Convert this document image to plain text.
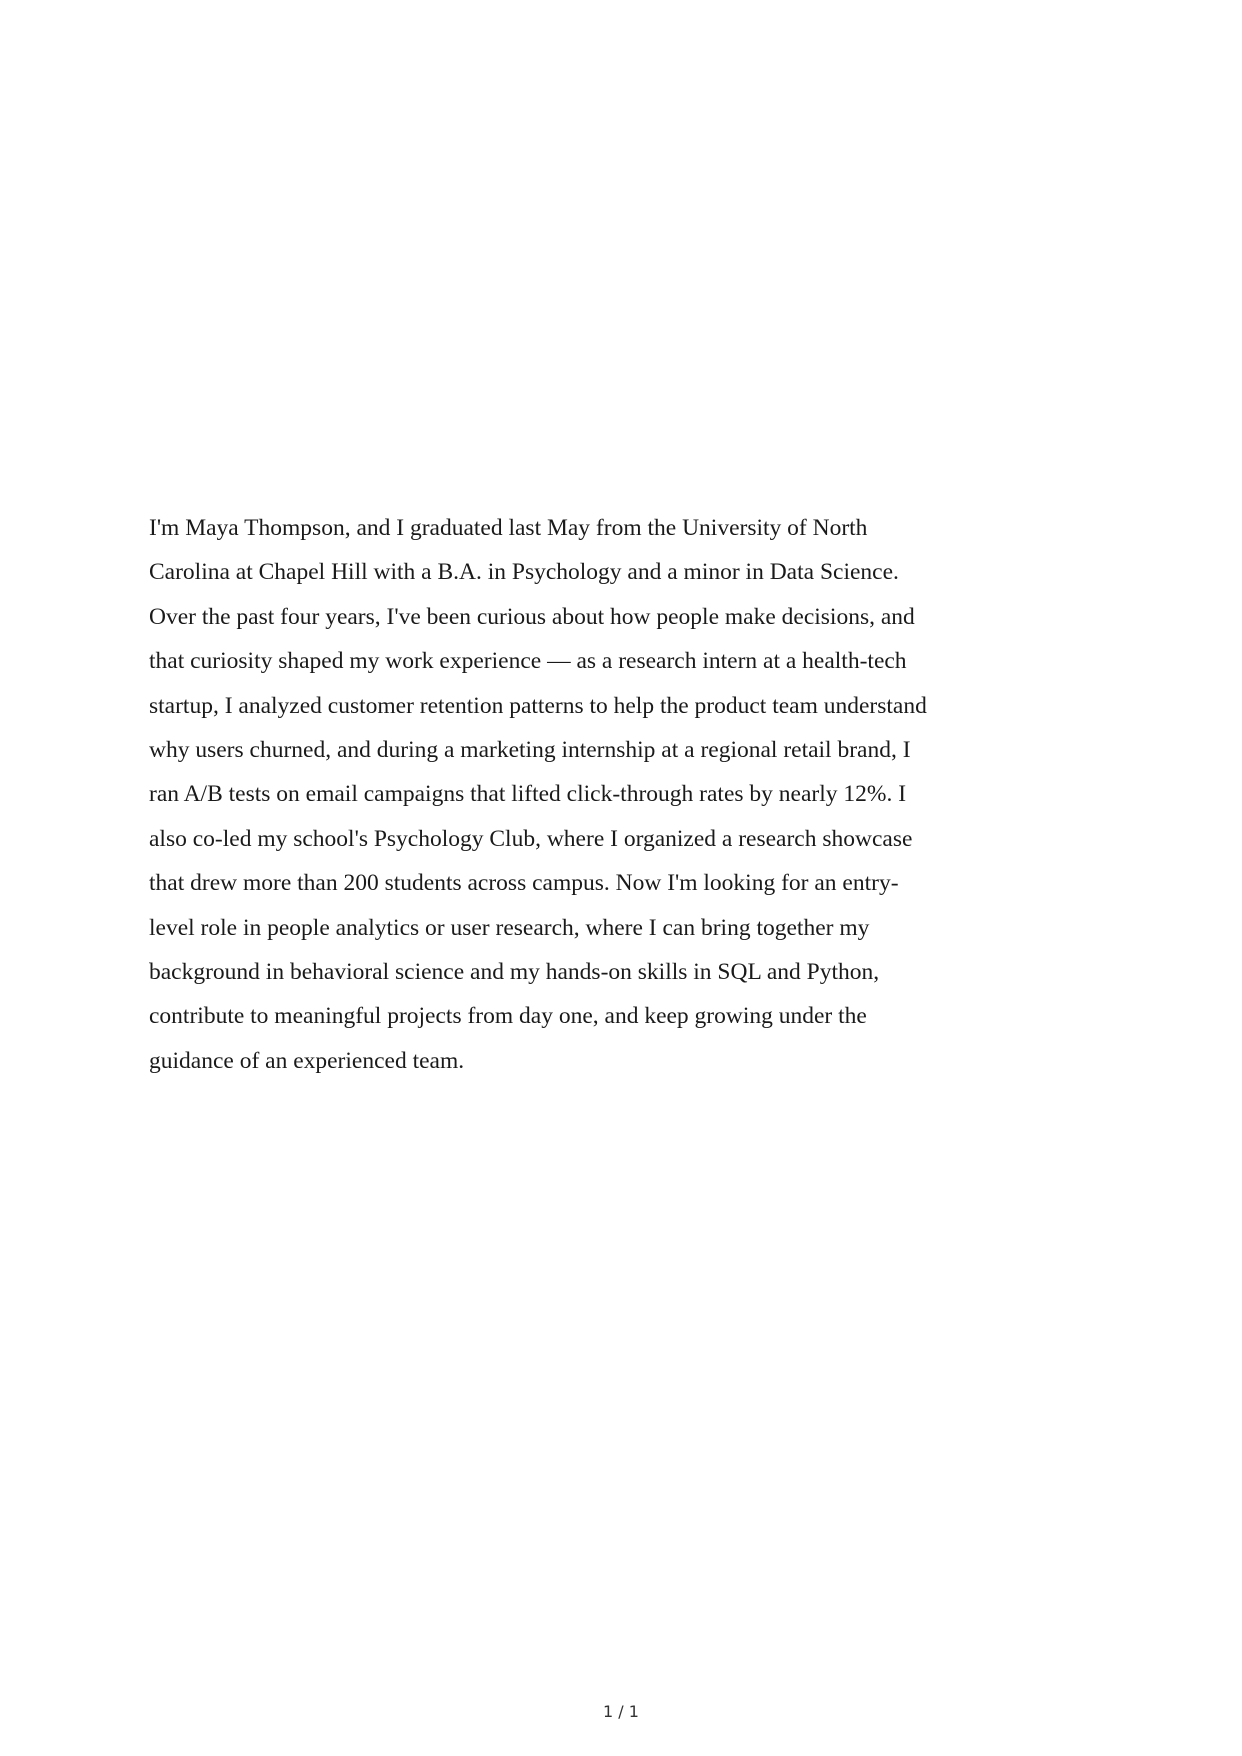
I'm Maya Thompson, and I graduated last May from the University of North
Carolina at Chapel Hill with a B.A. in Psychology and a minor in Data Science.
Over the past four years, I've been curious about how people make decisions, and
that curiosity shaped my work experience — as a research intern at a health-tech
startup, I analyzed customer retention patterns to help the product team understand
why users churned, and during a marketing internship at a regional retail brand, I
ran A/B tests on email campaigns that lifted click-through rates by nearly 12%. I
also co-led my school's Psychology Club, where I organized a research showcase
that drew more than 200 students across campus. Now I'm looking for an entry-
level role in people analytics or user research, where I can bring together my
background in behavioral science and my hands-on skills in SQL and Python,
contribute to meaningful projects from day one, and keep growing under the
guidance of an experienced team.

1 / 1
